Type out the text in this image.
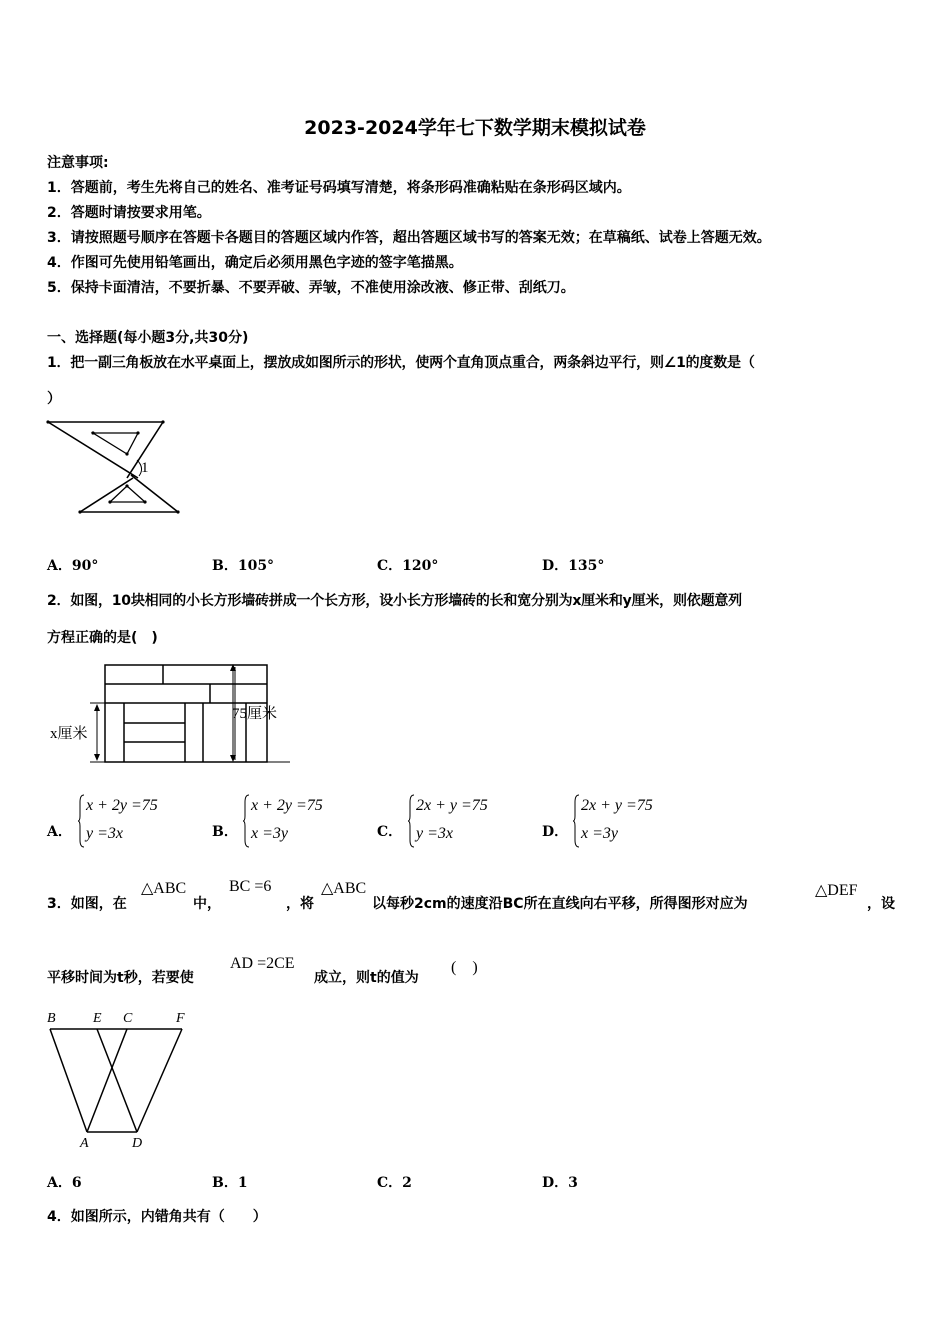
2023-2024学年七下数学期末模拟试卷
注意事项:
1．答题前，考生先将自己的姓名、准考证号码填写清楚，将条形码准确粘贴在条形码区域内。
2．答题时请按要求用笔。
3．请按照题号顺序在答题卡各题目的答题区域内作答，超出答题区域书写的答案无效；在草稿纸、试卷上答题无效。
4．作图可先使用铅笔画出，确定后必须用黑色字迹的签字笔描黑。
5．保持卡面清洁，不要折暴、不要弄破、弄皱，不准使用涂改液、修正带、刮纸刀。
一、选择题(每小题3分,共30分)
1．把一副三角板放在水平桌面上，摆放成如图所示的形状，使两个直角顶点重合，两条斜边平行，则∠1的度数是（
）
1
A．90°	B．105°	C．120°	D．135°
2．如图，10块相同的小长方形墙砖拼成一个长方形，设小长方形墙砖的长和宽分别为x厘米和y厘米，则依题意列
方程正确的是(　)
x厘米
75厘米
A．
x + 2y =75
y =3x	B．
x + 2y =75
x =3y	C．
2x + y =75
y =3x	D．
2x + y =75
x =3y
3．如图，在
△ABC
中，
BC =6
，将
△ABC
以每秒2cm的速度沿BC所在直线向右平移，所得图形对应为
△DEF
，设
平移时间为t秒，若要使
AD =2CE
成立，则t的值为
(　)
B	E C	F
A	D
A．6	B．1	C．2	D．3
4．如图所示，内错角共有（　　）
